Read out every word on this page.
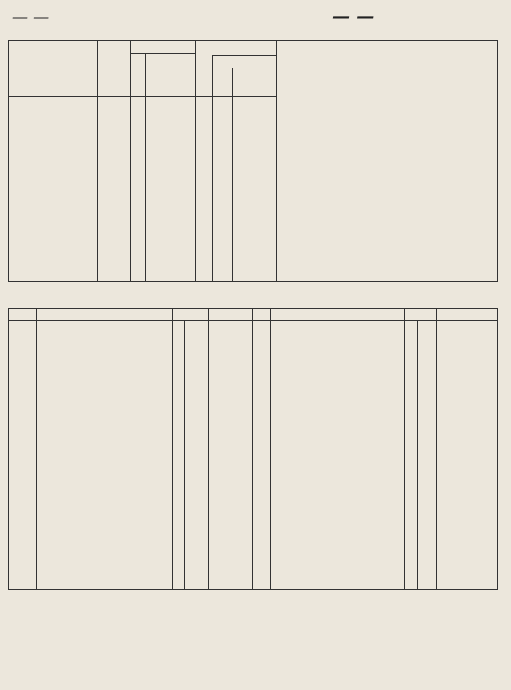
— —	— —
